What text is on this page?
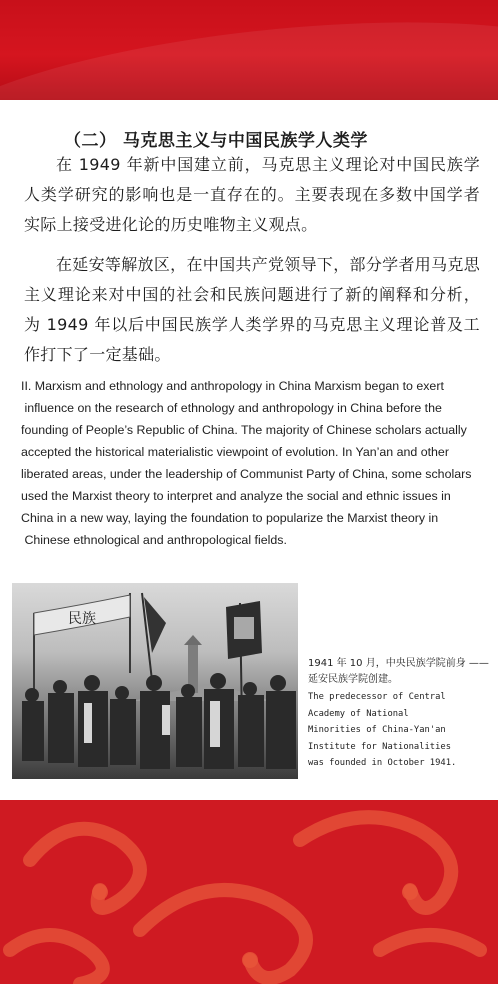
（二） 马克思主义与中国民族学人类学
在 1949 年新中国建立前，马克思主义理论对中国民族学人类学研究的影响也是一直存在的。主要表现在多数中国学者实际上接受进化论的历史唯物主义观点。
在延安等解放区，在中国共产党领导下，部分学者用马克思主义理论来对中国的社会和民族问题进行了新的阐释和分析，为 1949 年以后中国民族学人类学界的马克思主义理论普及工作打下了一定基础。
II. Marxism and ethnology and anthropology in China Marxism began to exert
influence on the research of ethnology and anthropology in China before the
founding of People’s Republic of China. The majority of Chinese scholars actually
accepted the historical materialistic viewpoint of evolution. In Yan’an and other
liberated areas, under the leadership of Communist Party of China, some scholars
used the Marxist theory to interpret and analyze the social and ethnic issues in
China in a new way, laying the foundation to popularize the Marxist theory in
Chinese ethnological and anthropological fields.
民族
1941 年 10 月，中央民族学院前身 —— 延安民族学院创建。
The predecessor of Central
Academy of National
Minorities of China-Yan'an
Institute for Nationalities
was founded in October 1941.
